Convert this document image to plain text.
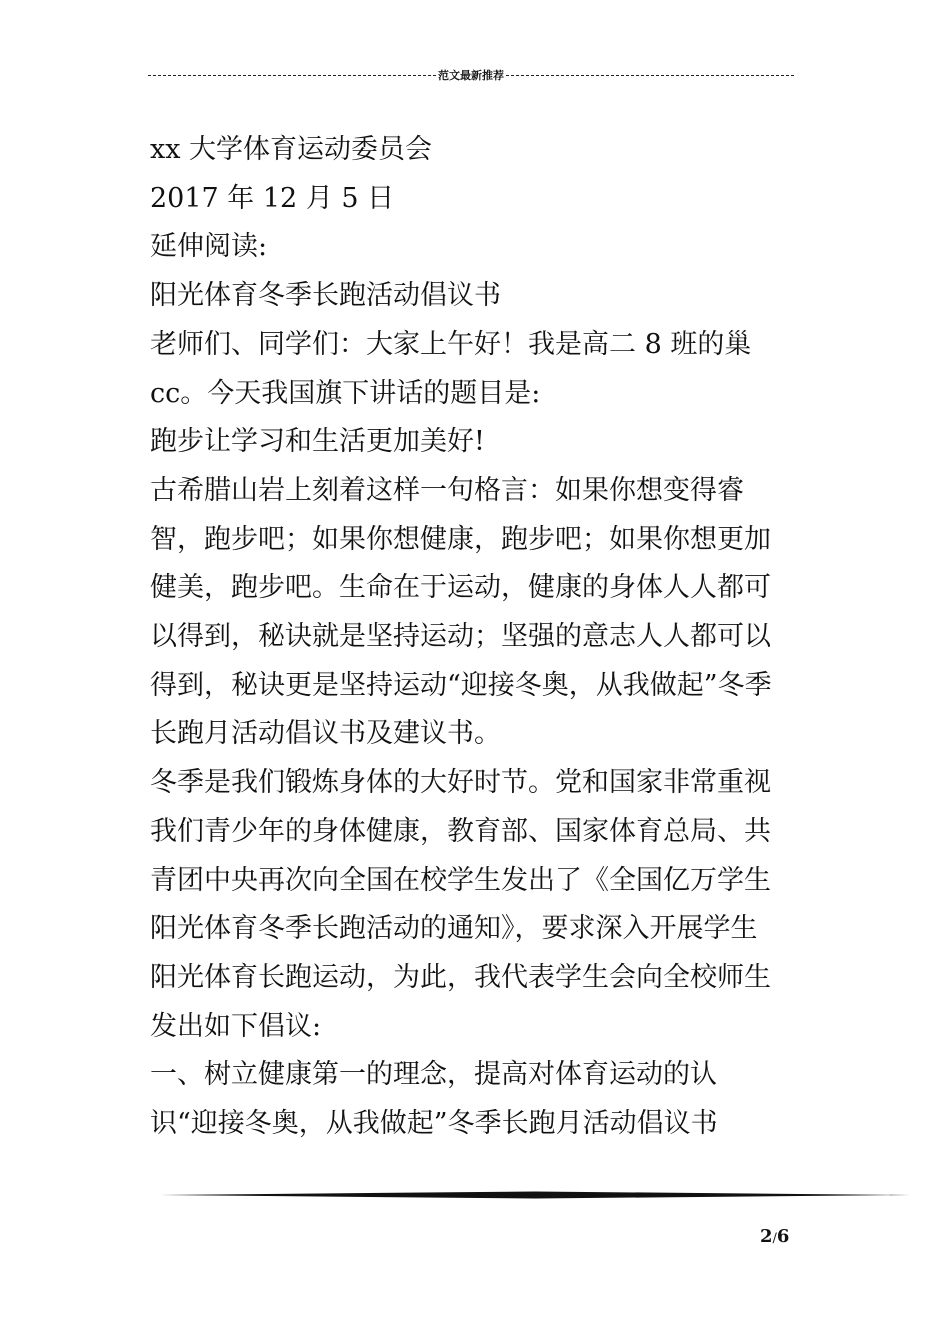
范文最新推荐

xx 大学体育运动委员会

2017 年 12 月 5 日

延伸阅读:

阳光体育冬季长跑活动倡议书

老师们、同学们：大家上午好！我是高二 8 班的巢cc。今天我国旗下讲话的题目是:

跑步让学习和生活更加美好!

古希腊山岩上刻着这样一句格言：如果你想变得睿智，跑步吧；如果你想健康，跑步吧；如果你想更加健美，跑步吧。生命在于运动，健康的身体人人都可以得到，秘诀就是坚持运动；坚强的意志人人都可以得到，秘诀更是坚持运动“迎接冬奥，从我做起”冬季长跑月活动倡议书及建议书。

冬季是我们锻炼身体的大好时节。党和国家非常重视我们青少年的身体健康，教育部、国家体育总局、共青团中央再次向全国在校学生发出了《全国亿万学生阳光体育冬季长跑活动的通知》，要求深入开展学生阳光体育长跑运动，为此，我代表学生会向全校师生发出如下倡议:

一、树立健康第一的理念，提高对体育运动的认识“迎接冬奥，从我做起”冬季长跑月活动倡议书

2/6
